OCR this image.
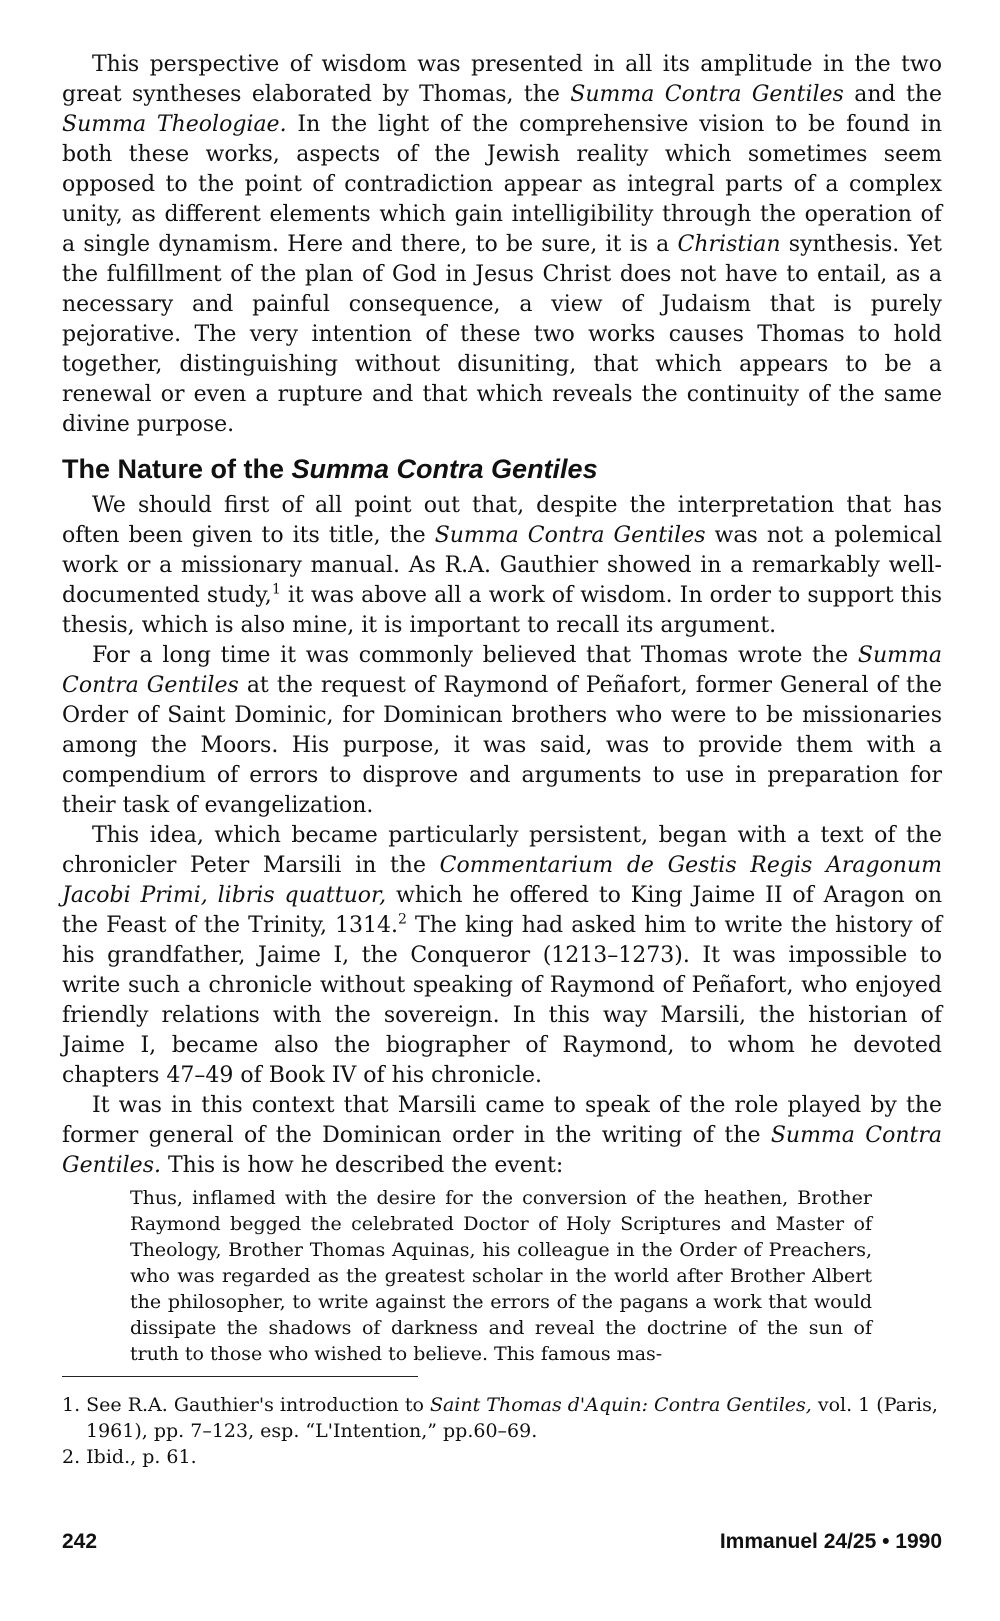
This perspective of wisdom was presented in all its amplitude in the two great syntheses elaborated by Thomas, the Summa Contra Gentiles and the Summa Theologiae. In the light of the comprehensive vision to be found in both these works, aspects of the Jewish reality which sometimes seem opposed to the point of contradiction appear as integral parts of a complex unity, as different elements which gain intelligibility through the operation of a single dynamism. Here and there, to be sure, it is a Christian synthesis. Yet the fulfillment of the plan of God in Jesus Christ does not have to entail, as a necessary and painful consequence, a view of Judaism that is purely pejorative. The very intention of these two works causes Thomas to hold together, distinguishing without disuniting, that which appears to be a renewal or even a rupture and that which reveals the continuity of the same divine purpose.

The Nature of the Summa Contra Gentiles

We should first of all point out that, despite the interpretation that has often been given to its title, the Summa Contra Gentiles was not a polemical work or a missionary manual. As R.A. Gauthier showed in a remarkably well-documented study,$^1$ it was above all a work of wisdom. In order to support this thesis, which is also mine, it is important to recall its argument.

For a long time it was commonly believed that Thomas wrote the Summa Contra Gentiles at the request of Raymond of Peñafort, former General of the Order of Saint Dominic, for Dominican brothers who were to be missionaries among the Moors. His purpose, it was said, was to provide them with a compendium of errors to disprove and arguments to use in preparation for their task of evangelization.

This idea, which became particularly persistent, began with a text of the chronicler Peter Marsili in the Commentarium de Gestis Regis Aragonum Jacobi Primi, libris quattuor, which he offered to King Jaime II of Aragon on the Feast of the Trinity, 1314.$^2$ The king had asked him to write the history of his grandfather, Jaime I, the Conqueror (1213–1273). It was impossible to write such a chronicle without speaking of Raymond of Peñafort, who enjoyed friendly relations with the sovereign. In this way Marsili, the historian of Jaime I, became also the biographer of Raymond, to whom he devoted chapters 47–49 of Book IV of his chronicle.

It was in this context that Marsili came to speak of the role played by the former general of the Dominican order in the writing of the Summa Contra Gentiles. This is how he described the event:

Thus, inflamed with the desire for the conversion of the heathen, Brother Raymond begged the celebrated Doctor of Holy Scriptures and Master of Theology, Brother Thomas Aquinas, his colleague in the Order of Preachers, who was regarded as the greatest scholar in the world after Brother Albert the philosopher, to write against the errors of the pagans a work that would dissipate the shadows of darkness and reveal the doctrine of the sun of truth to those who wished to believe. This famous mas-

1. See R.A. Gauthier's introduction to Saint Thomas d'Aquin: Contra Gentiles, vol. 1 (Paris, 1961), pp. 7–123, esp. “L'Intention,” pp.60–69.

2. Ibid., p. 61.

242	Immanuel 24/25 • 1990
